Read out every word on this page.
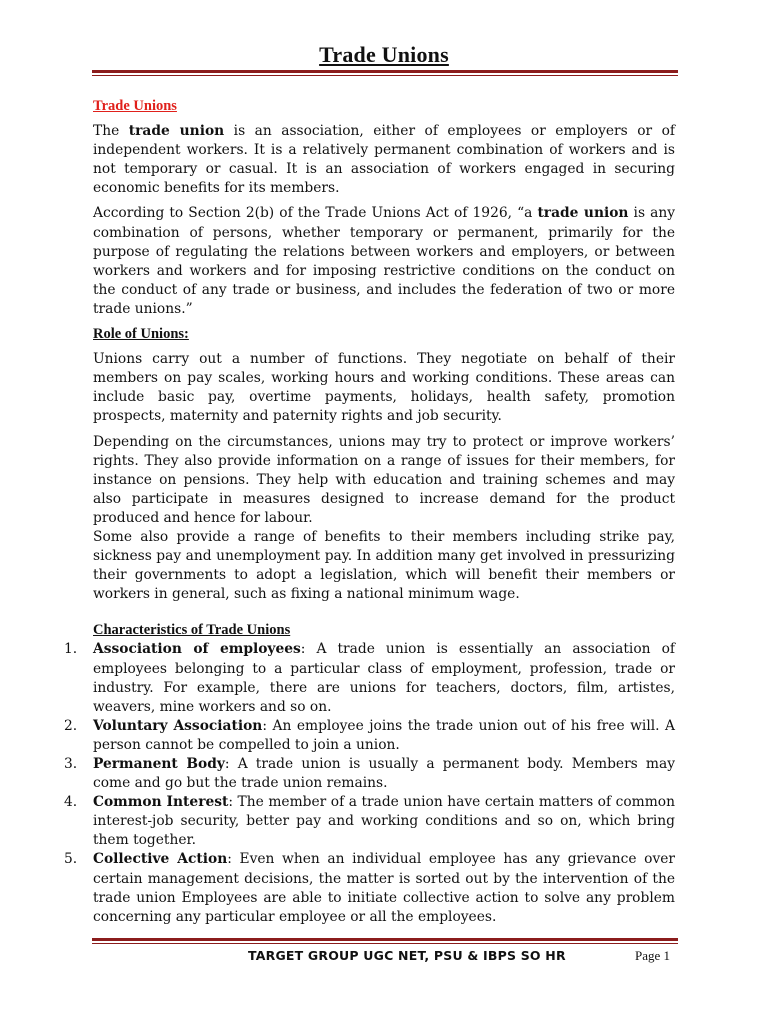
Trade Unions
Trade Unions

The trade union is an association, either of employees or employers or of independent workers. It is a relatively permanent combination of workers and is not temporary or casual. It is an association of workers engaged in securing economic benefits for its members.

According to Section 2(b) of the Trade Unions Act of 1926, “a trade union is any combination of persons, whether temporary or permanent, primarily for the purpose of regulating the relations between workers and employers, or between workers and workers and for imposing restrictive conditions on the conduct on the conduct of any trade or business, and includes the federation of two or more trade unions.”

Role of Unions:

Unions carry out a number of functions. They negotiate on behalf of their members on pay scales, working hours and working conditions. These areas can include basic pay, overtime payments, holidays, health safety, promotion prospects, maternity and paternity rights and job security.

Depending on the circumstances, unions may try to protect or improve workers’ rights. They also provide information on a range of issues for their members, for instance on pensions. They help with education and training schemes and may also participate in measures designed to increase demand for the product produced and hence for labour.

Some also provide a range of benefits to their members including strike pay, sickness pay and unemployment pay. In addition many get involved in pressurizing their governments to adopt a legislation, which will benefit their members or workers in general, such as fixing a national minimum wage.

Characteristics of Trade Unions
1.	Association of employees: A trade union is essentially an association of employees belonging to a particular class of employment, profession, trade or industry. For example, there are unions for teachers, doctors, film, artistes, weavers, mine workers and so on.
2.	Voluntary Association: An employee joins the trade union out of his free will. A person cannot be compelled to join a union.
3.	Permanent Body: A trade union is usually a permanent body. Members may come and go but the trade union remains.
4.	Common Interest: The member of a trade union have certain matters of common interest-job security, better pay and working conditions and so on, which bring them together.
5.	Collective Action: Even when an individual employee has any grievance over certain management decisions, the matter is sorted out by the intervention of the trade union Employees are able to initiate collective action to solve any problem concerning any particular employee or all the employees.
TARGET GROUP UGC NET, PSU & IBPS SO HR	Page 1
